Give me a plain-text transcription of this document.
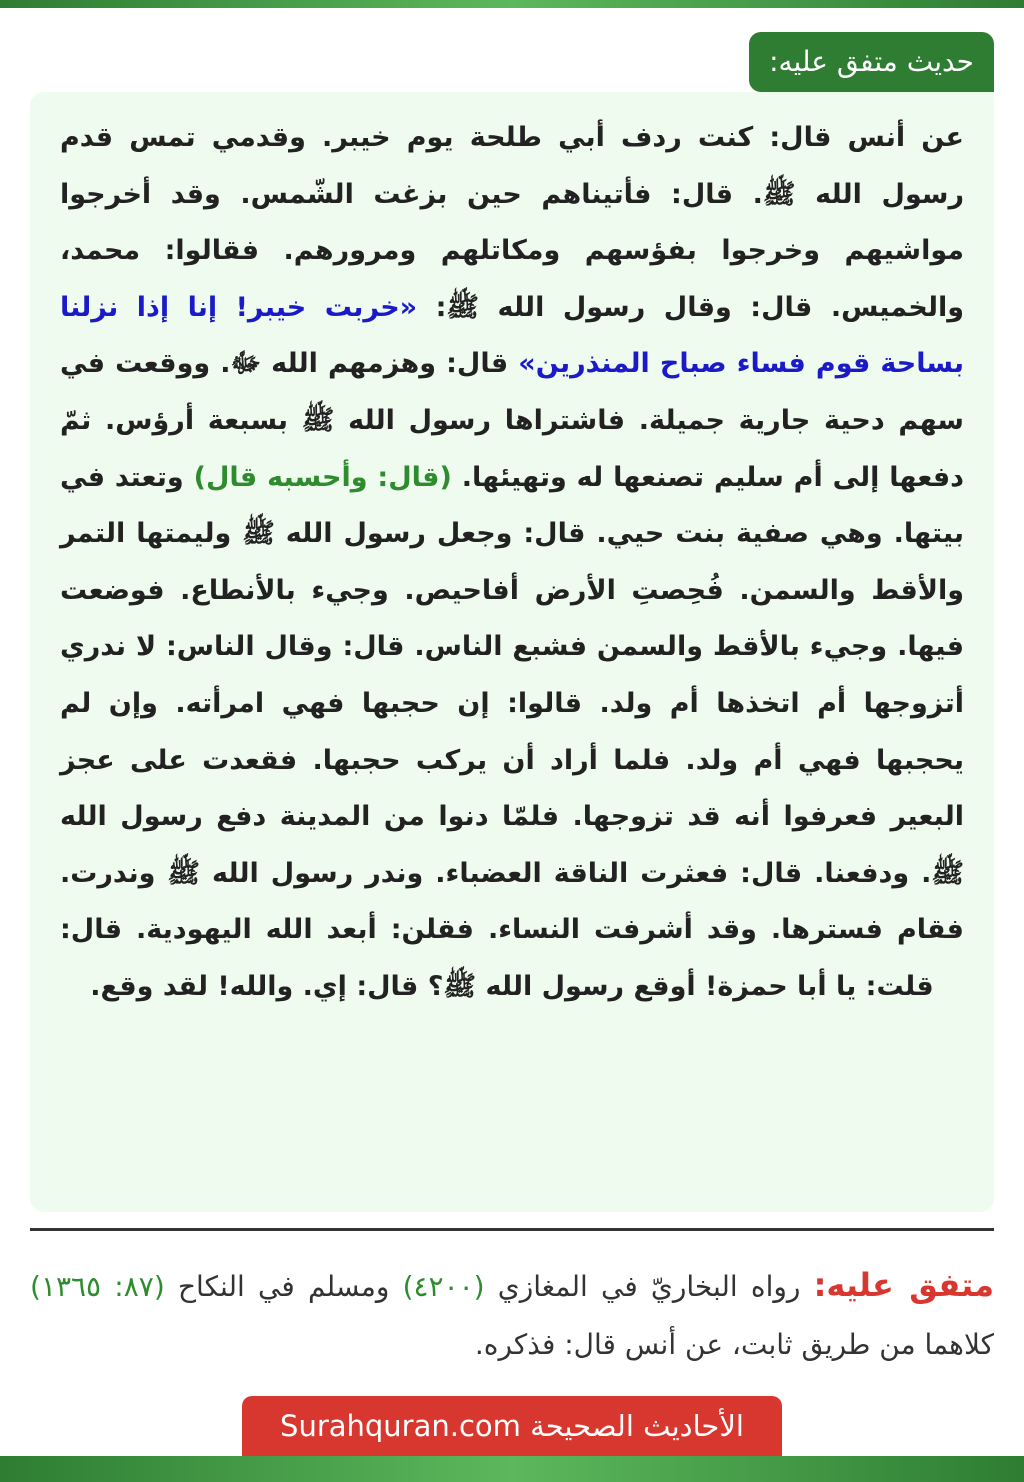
حديث متفق عليه:

عن أنس قال: كنت ردف أبي طلحة يوم خيبر. وقدمي تمس قدم رسول الله ﷺ. قال: فأتيناهم حين بزغت الشّمس. وقد أخرجوا مواشيهم وخرجوا بفؤسهم ومكاتلهم ومرورهم. فقالوا: محمد، والخميس. قال: وقال رسول الله ﷺ: «خربت خيبر! إنا إذا نزلنا بساحة قوم فساء صباح المنذرين» قال: وهزمهم الله ﷻ. ووقعت في سهم دحية جارية جميلة. فاشتراها رسول الله ﷺ بسبعة أرؤس. ثمّ دفعها إلى أم سليم تصنعها له وتهيئها. (قال: وأحسبه قال) وتعتد في بيتها. وهي صفية بنت حيي. قال: وجعل رسول الله ﷺ وليمتها التمر والأقط والسمن. فُحِصتِ الأرض أفاحيص. وجيء بالأنطاع. فوضعت فيها. وجيء بالأقط والسمن فشبع الناس. قال: وقال الناس: لا ندري أتزوجها أم اتخذها أم ولد. قالوا: إن حجبها فهي امرأته. وإن لم يحجبها فهي أم ولد. فلما أراد أن يركب حجبها. فقعدت على عجز البعير فعرفوا أنه قد تزوجها. فلمّا دنوا من المدينة دفع رسول الله ﷺ. ودفعنا. قال: فعثرت الناقة العضباء. وندر رسول الله ﷺ وندرت. فقام فسترها. وقد أشرفت النساء. فقلن: أبعد الله اليهودية. قال: قلت: يا أبا حمزة! أوقع رسول الله ﷺ؟ قال: إي. والله! لقد وقع.

متفق عليه: رواه البخاريّ في المغازي (٤٢٠٠) ومسلم في النكاح (٨٧: ١٣٦٥) كلاهما من طريق ثابت، عن أنس قال: فذكره.

الأحاديث الصحيحة Surahquran.com
